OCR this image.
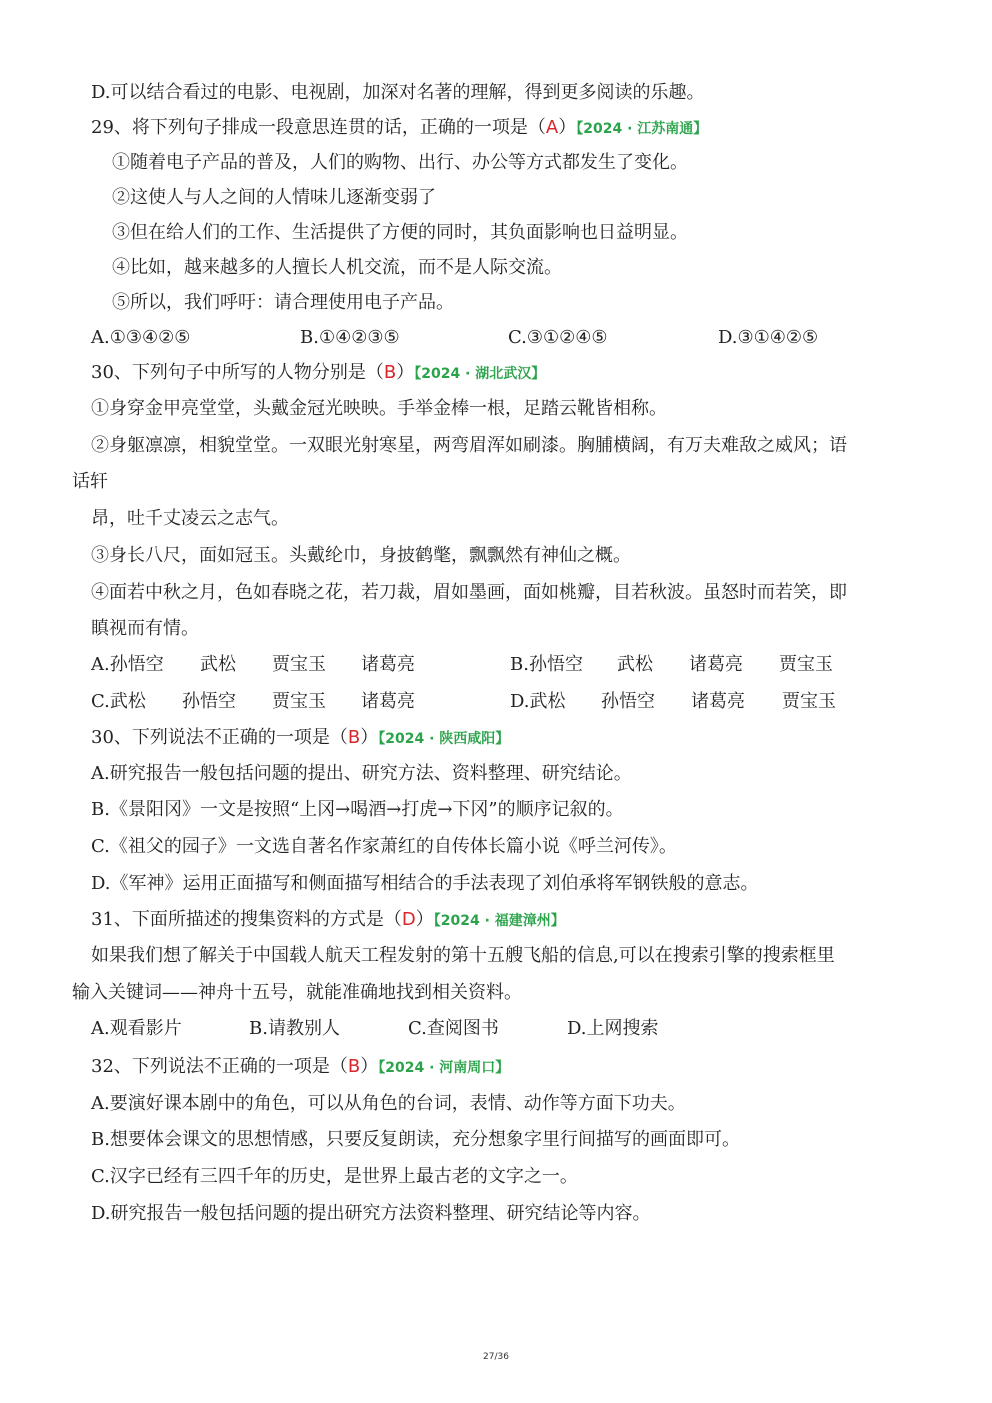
D.可以结合看过的电影、电视剧，加深对名著的理解，得到更多阅读的乐趣。
29、将下列句子排成一段意思连贯的话，正确的一项是（A）【2024 · 江苏南通】
①随着电子产品的普及，人们的购物、出行、办公等方式都发生了变化。
②这使人与人之间的人情味儿逐渐变弱了
③但在给人们的工作、生活提供了方便的同时，其负面影响也日益明显。
④比如，越来越多的人擅长人机交流，而不是人际交流。
⑤所以，我们呼吁：请合理使用电子产品。
A.①③④②⑤	B.①④②③⑤	C.③①②④⑤	D.③①④②⑤
30、下列句子中所写的人物分别是（B）【2024 · 湖北武汉】
①身穿金甲亮堂堂，头戴金冠光映映。手举金棒一根，足踏云靴皆相称。
②身躯凛凛，相貌堂堂。一双眼光射寒星，两弯眉浑如刷漆。胸脯横阔，有万夫难敌之威风；语
话轩
昂，吐千丈凌云之志气。
③身长八尺，面如冠玉。头戴纶巾，身披鹤氅，飘飘然有神仙之概。
④面若中秋之月，色如春晓之花，若刀裁，眉如墨画，面如桃瓣，目若秋波。虽怒时而若笑，即
瞋视而有情。
A.孙悟空 武松 贾宝玉 诸葛亮	B.孙悟空 武松 诸葛亮 贾宝玉
C.武松 孙悟空 贾宝玉 诸葛亮	D.武松 孙悟空 诸葛亮 贾宝玉
30、下列说法不正确的一项是（B）【2024 · 陕西咸阳】
A.研究报告一般包括问题的提出、研究方法、资料整理、研究结论。
B.《景阳冈》一文是按照“上冈→喝酒→打虎→下冈”的顺序记叙的。
C.《祖父的园子》一文选自著名作家萧红的自传体长篇小说《呼兰河传》。
D.《军神》运用正面描写和侧面描写相结合的手法表现了刘伯承将军钢铁般的意志。
31、下面所描述的搜集资料的方式是（D）【2024 · 福建漳州】
如果我们想了解关于中国载人航天工程发射的第十五艘飞船的信息,可以在搜索引擎的搜索框里
输入关键词——神舟十五号，就能准确地找到相关资料。
A.观看影片	B.请教别人	C.查阅图书	D.上网搜索
32、下列说法不正确的一项是（B）【2024 · 河南周口】
A.要演好课本剧中的角色，可以从角色的台词，表情、动作等方面下功夫。
B.想要体会课文的思想情感，只要反复朗读，充分想象字里行间描写的画面即可。
C.汉字已经有三四千年的历史，是世界上最古老的文字之一。
D.研究报告一般包括问题的提出研究方法资料整理、研究结论等内容。
27/36
